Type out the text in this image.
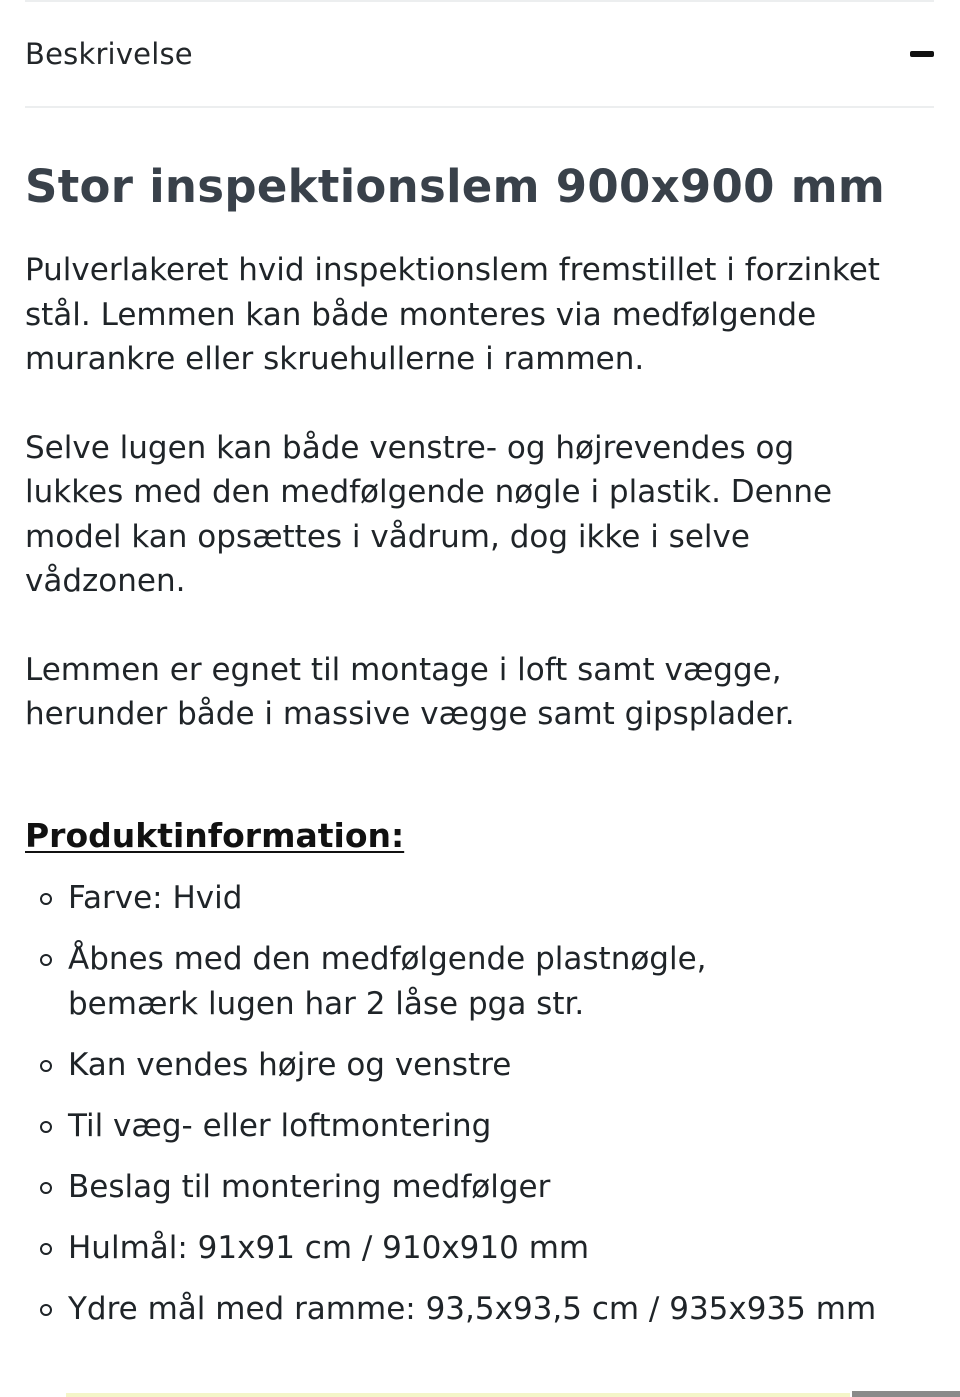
Beskrivelse
Stor inspektionslem 900x900 mm

Pulverlakeret hvid inspektionslem fremstillet i forzinket stål. Lemmen kan både monteres via medfølgende murankre eller skruehullerne i rammen.

Selve lugen kan både venstre- og højrevendes og lukkes med den medfølgende nøgle i plastik. Denne model kan opsættes i vådrum, dog ikke i selve vådzonen.

Lemmen er egnet til montage i loft samt vægge, herunder både i massive vægge samt gipsplader.

Produktinformation:
Farve: Hvid
Åbnes med den medfølgende plastnøgle,
bemærk lugen har 2 låse pga str.
Kan vendes højre og venstre
Til væg- eller loftmontering
Beslag til montering medfølger
Hulmål: 91x91 cm / 910x910 mm
Ydre mål med ramme: 93,5x93,5 cm / 935x935 mm
